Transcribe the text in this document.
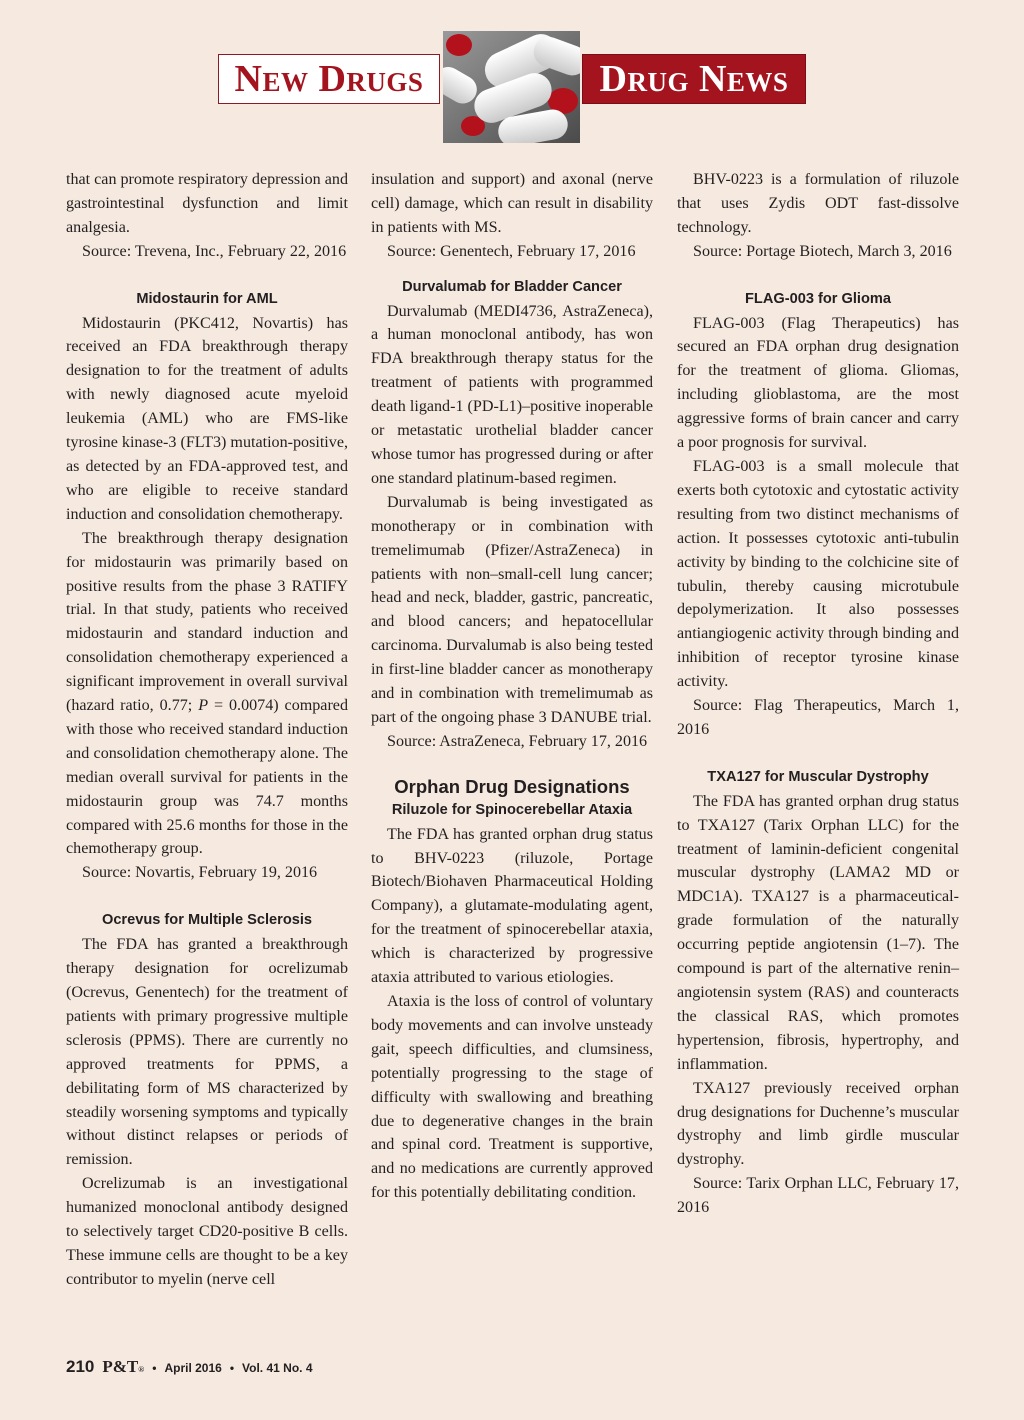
New Drugs	Drug News

that can promote respiratory depression and gastrointestinal dysfunction and limit analgesia.

Source: Trevena, Inc., February 22, 2016

Midostaurin for AML

Midostaurin (PKC412, Novartis) has received an FDA breakthrough therapy designation to for the treatment of adults with newly diagnosed acute myeloid leukemia (AML) who are FMS-like tyrosine kinase-3 (FLT3) mutation-positive, as detected by an FDA-approved test, and who are eligible to receive standard induction and consolidation chemotherapy.

The breakthrough therapy designation for midostaurin was primarily based on positive results from the phase 3 RATIFY trial. In that study, patients who received midostaurin and standard induction and consolidation chemotherapy experienced a significant improvement in overall survival (hazard ratio, 0.77; P = 0.0074) compared with those who received standard induction and consolidation chemotherapy alone. The median overall survival for patients in the midostaurin group was 74.7 months compared with 25.6 months for those in the chemotherapy group.

Source: Novartis, February 19, 2016

Ocrevus for Multiple Sclerosis

The FDA has granted a breakthrough therapy designation for ocrelizumab (Ocrevus, Genentech) for the treatment of patients with primary progressive multiple sclerosis (PPMS). There are currently no approved treatments for PPMS, a debilitating form of MS characterized by steadily worsening symptoms and typically without distinct relapses or periods of remission.

Ocrelizumab is an investigational humanized monoclonal antibody designed to selectively target CD20-positive B cells. These immune cells are thought to be a key contributor to myelin (nerve cell

insulation and support) and axonal (nerve cell) damage, which can result in disability in patients with MS.

Source: Genentech, February 17, 2016

Durvalumab for Bladder Cancer

Durvalumab (MEDI4736, AstraZeneca), a human monoclonal antibody, has won FDA breakthrough therapy status for the treatment of patients with programmed death ligand-1 (PD-L1)–positive inoperable or metastatic urothelial bladder cancer whose tumor has progressed during or after one standard platinum-based regimen.

Durvalumab is being investigated as monotherapy or in combination with tremelimumab (Pfizer/AstraZeneca) in patients with non–small-cell lung cancer; head and neck, bladder, gastric, pancreatic, and blood cancers; and hepatocellular carcinoma. Durvalumab is also being tested in first-line bladder cancer as monotherapy and in combination with tremelimumab as part of the ongoing phase 3 DANUBE trial.

Source: AstraZeneca, February 17, 2016

Orphan Drug Designations
Riluzole for Spinocerebellar Ataxia

The FDA has granted orphan drug status to BHV-0223 (riluzole, Portage Biotech/Biohaven Pharmaceutical Holding Company), a glutamate-modulating agent, for the treatment of spinocerebellar ataxia, which is characterized by progressive ataxia attributed to various etiologies.

Ataxia is the loss of control of voluntary body movements and can involve unsteady gait, speech difficulties, and clumsiness, potentially progressing to the stage of difficulty with swallowing and breathing due to degenerative changes in the brain and spinal cord. Treatment is supportive, and no medications are currently approved for this potentially debilitating condition.

BHV-0223 is a formulation of riluzole that uses Zydis ODT fast-dissolve technology.

Source: Portage Biotech, March 3, 2016

FLAG-003 for Glioma

FLAG-003 (Flag Therapeutics) has secured an FDA orphan drug designation for the treatment of glioma. Gliomas, including glioblastoma, are the most aggressive forms of brain cancer and carry a poor prognosis for survival.

FLAG-003 is a small molecule that exerts both cytotoxic and cytostatic activity resulting from two distinct mechanisms of action. It possesses cytotoxic anti-tubulin activity by binding to the colchicine site of tubulin, thereby causing microtubule depolymerization. It also possesses antiangiogenic activity through binding and inhibition of receptor tyrosine kinase activity.

Source: Flag Therapeutics, March 1, 2016

TXA127 for Muscular Dystrophy

The FDA has granted orphan drug status to TXA127 (Tarix Orphan LLC) for the treatment of laminin-deficient congenital muscular dystrophy (LAMA2 MD or MDC1A). TXA127 is a pharmaceutical-grade formulation of the naturally occurring peptide angiotensin (1–7). The compound is part of the alternative renin–angiotensin system (RAS) and counteracts the classical RAS, which promotes hypertension, fibrosis, hypertrophy, and inflammation.

TXA127 previously received orphan drug designations for Duchenne’s muscular dystrophy and limb girdle muscular dystrophy.

Source: Tarix Orphan LLC, February 17, 2016

210 P&T® • April 2016 • Vol. 41 No. 4
